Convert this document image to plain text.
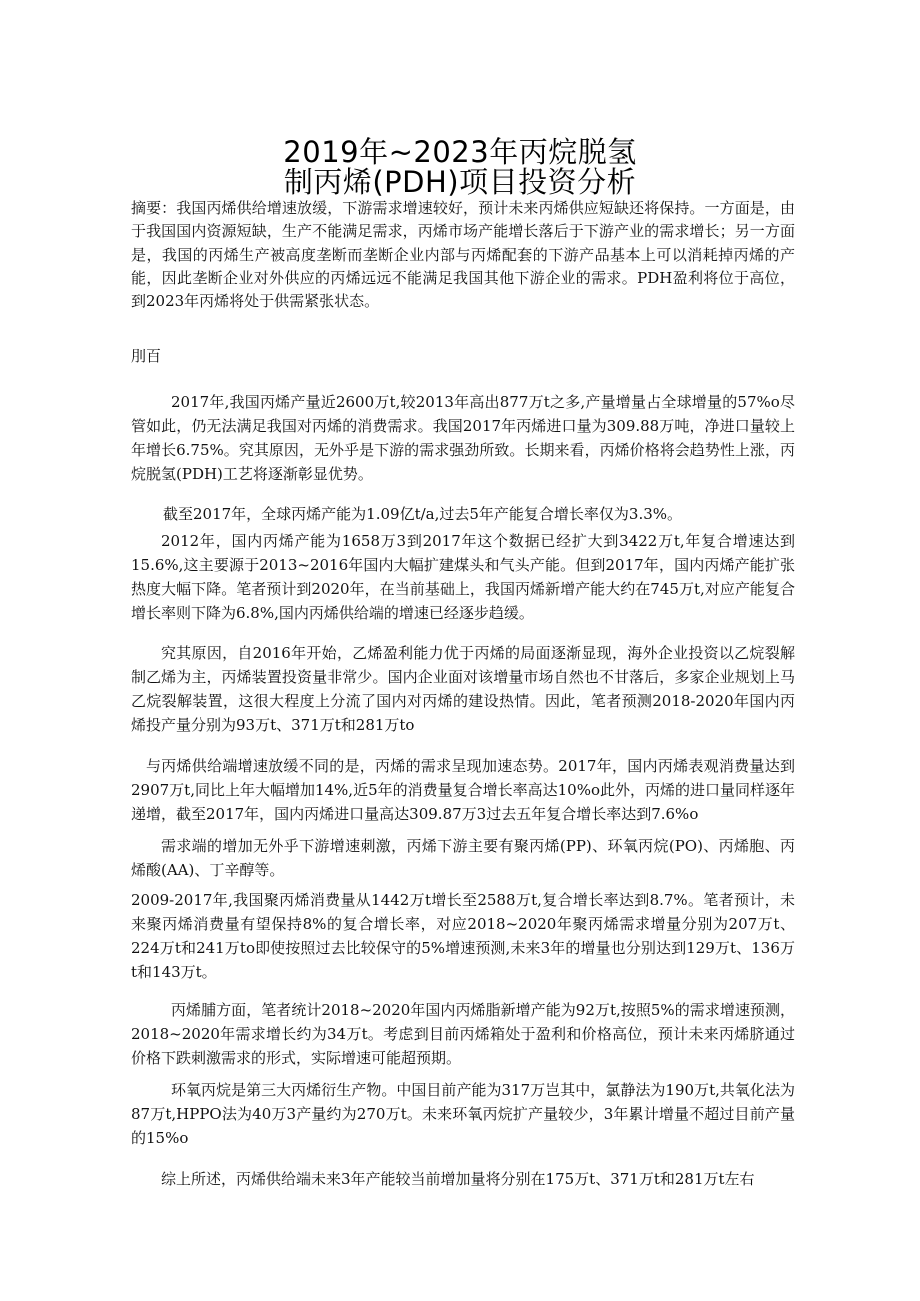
2019年~2023年丙烷脱氢
制丙烯(PDH)项目投资分析
摘要：我国丙烯供给增速放缓，下游需求增速较好，预计未来丙烯供应短缺还将保持。一方面是，由于我国国内资源短缺，生产不能满足需求，丙烯市场产能增长落后于下游产业的需求增长；另一方面是，我国的丙烯生产被高度垄断而垄断企业内部与丙烯配套的下游产品基本上可以消耗掉丙烯的产能，因此垄断企业对外供应的丙烯远远不能满足我国其他下游企业的需求。PDH盈利将位于高位，到2023年丙烯将处于供需紧张状态。
刖百

2017年,我国丙烯产量近2600万t,较2013年高出877万t之多,产量增量占全球增量的57%o尽管如此，仍无法满足我国对丙烯的消费需求。我国2017年丙烯进口量为309.88万吨，净进口量较上年增长6.75%。究其原因，无外乎是下游的需求强劲所致。长期来看，丙烯价格将会趋势性上涨，丙烷脱氢(PDH)工艺将逐渐彰显优势。

截至2017年，全球丙烯产能为1.09亿t/a,过去5年产能复合增长率仅为3.3%。

2012年，国内丙烯产能为1658万3到2017年这个数据已经扩大到3422万t,年复合增速达到15.6%,这主要源于2013~2016年国内大幅扩建煤头和气头产能。但到2017年，国内丙烯产能扩张热度大幅下降。笔者预计到2020年，在当前基础上，我国丙烯新增产能大约在745万t,对应产能复合增长率则下降为6.8%,国内丙烯供给端的增速已经逐步趋缓。

究其原因，自2016年开始，乙烯盈利能力优于丙烯的局面逐渐显现，海外企业投资以乙烷裂解制乙烯为主，丙烯装置投资量非常少。国内企业面对该增量市场自然也不甘落后，多家企业规划上马乙烷裂解装置，这很大程度上分流了国内对丙烯的建设热情。因此，笔者预测2018-2020年国内丙烯投产量分别为93万t、371万t和281万to

与丙烯供给端增速放缓不同的是，丙烯的需求呈现加速态势。2017年，国内丙烯表观消费量达到2907万t,同比上年大幅增加14%,近5年的消费量复合增长率高达10%o此外，丙烯的进口量同样逐年递增，截至2017年，国内丙烯进口量高达309.87万3过去五年复合增长率达到7.6%o

需求端的增加无外乎下游增速刺激，丙烯下游主要有聚丙烯(PP)、环氧丙烷(PO)、丙烯胞、丙烯酸(AA)、丁辛醇等。

2009-2017年,我国聚丙烯消费量从1442万t增长至2588万t,复合增长率达到8.7%。笔者预计，未来聚丙烯消费量有望保持8%的复合增长率，对应2018~2020年聚丙烯需求增量分别为207万t、224万t和241万to即使按照过去比较保守的5%增速预测,未来3年的增量也分别达到129万t、136万t和143万t。

丙烯脯方面，笔者统计2018~2020年国内丙烯脂新增产能为92万t,按照5%的需求增速预测，2018~2020年需求增长约为34万t。考虑到目前丙烯箱处于盈利和价格高位，预计未来丙烯脐通过价格下跌刺激需求的形式，实际增速可能超预期。

环氧丙烷是第三大丙烯衍生产物。中国目前产能为317万岂其中，氯静法为190万t,共氧化法为87万t,HPPO法为40万3产量约为270万t。未来环氧丙烷扩产量较少，3年累计增量不超过目前产量的15%o

综上所述，丙烯供给端未来3年产能较当前增加量将分别在175万t、371万t和281万t左右
